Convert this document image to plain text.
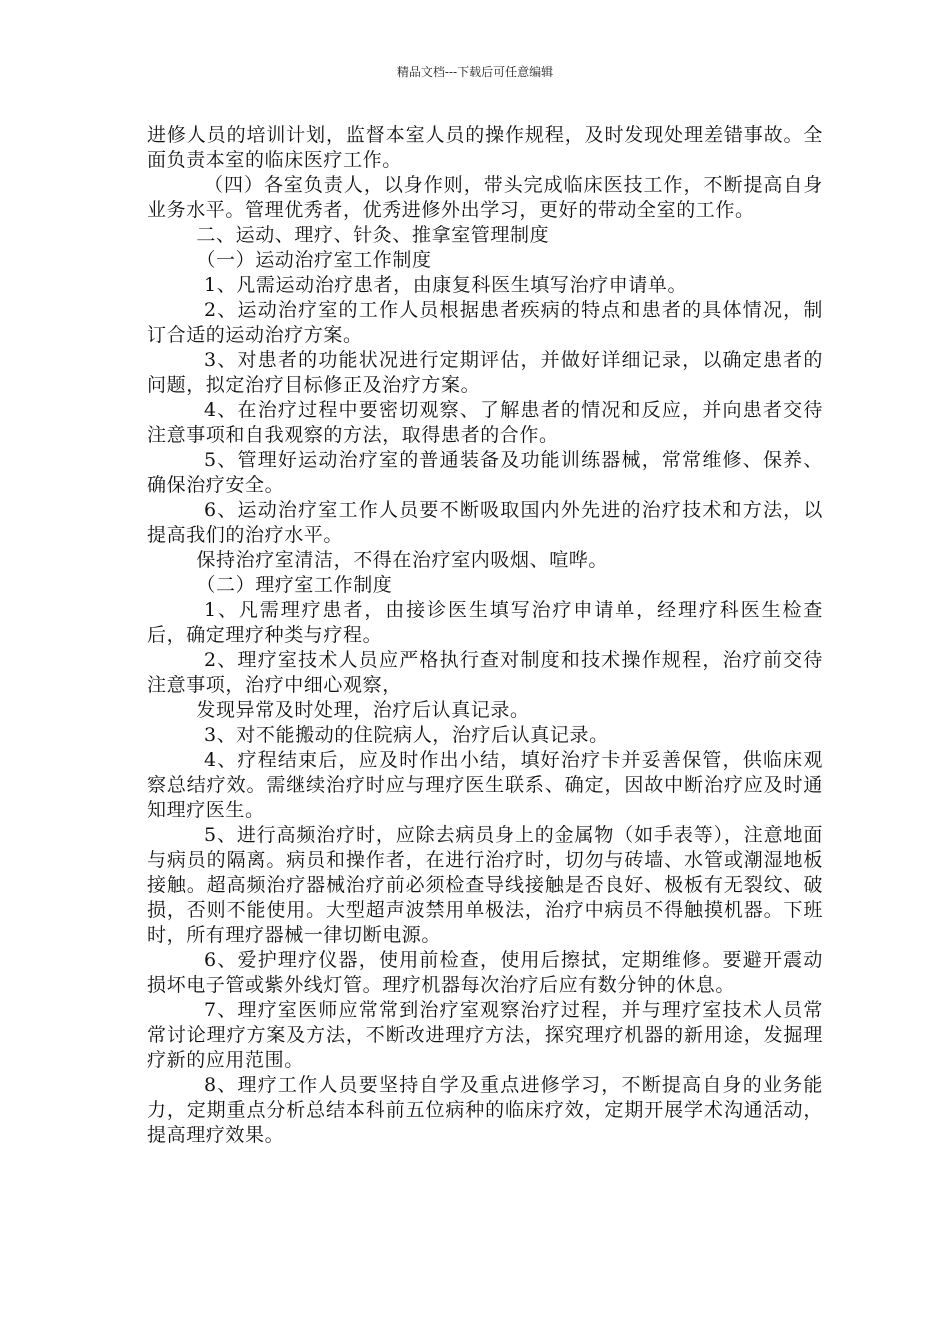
精品文档---下载后可任意编辑

进修人员的培训计划，监督本室人员的操作规程，及时发现处理差错事故。全面负责本室的临床医疗工作。

（四）各室负责人，以身作则，带头完成临床医技工作，不断提高自身业务水平。管理优秀者，优秀进修外出学习，更好的带动全室的工作。

二、运动、理疗、针灸、推拿室管理制度

（一）运动治疗室工作制度

1、凡需运动治疗患者，由康复科医生填写治疗申请单。

2、运动治疗室的工作人员根据患者疾病的特点和患者的具体情况，制订合适的运动治疗方案。

3、对患者的功能状况进行定期评估，并做好详细记录，以确定患者的问题，拟定治疗目标修正及治疗方案。

4、在治疗过程中要密切观察、了解患者的情况和反应，并向患者交待注意事项和自我观察的方法，取得患者的合作。

5、管理好运动治疗室的普通装备及功能训练器械，常常维修、保养、确保治疗安全。

6、运动治疗室工作人员要不断吸取国内外先进的治疗技术和方法，以提高我们的治疗水平。

保持治疗室清洁，不得在治疗室内吸烟、喧哗。

（二）理疗室工作制度

1、凡需理疗患者，由接诊医生填写治疗申请单，经理疗科医生检查后，确定理疗种类与疗程。

2、理疗室技术人员应严格执行查对制度和技术操作规程，治疗前交待注意事项，治疗中细心观察，

发现异常及时处理，治疗后认真记录。

3、对不能搬动的住院病人，治疗后认真记录。

4、疗程结束后，应及时作出小结，填好治疗卡并妥善保管，供临床观察总结疗效。需继续治疗时应与理疗医生联系、确定，因故中断治疗应及时通知理疗医生。

5、进行高频治疗时，应除去病员身上的金属物（如手表等），注意地面与病员的隔离。病员和操作者，在进行治疗时，切勿与砖墙、水管或潮湿地板接触。超高频治疗器械治疗前必须检查导线接触是否良好、极板有无裂纹、破损，否则不能使用。大型超声波禁用单极法，治疗中病员不得触摸机器。下班时，所有理疗器械一律切断电源。

6、爱护理疗仪器，使用前检查，使用后擦拭，定期维修。要避开震动损坏电子管或紫外线灯管。理疗机器每次治疗后应有数分钟的休息。

7、理疗室医师应常常到治疗室观察治疗过程，并与理疗室技术人员常常讨论理疗方案及方法，不断改进理疗方法，探究理疗机器的新用途，发掘理疗新的应用范围。

8、理疗工作人员要坚持自学及重点进修学习，不断提高自身的业务能力，定期重点分析总结本科前五位病种的临床疗效，定期开展学术沟通活动，提高理疗效果。
